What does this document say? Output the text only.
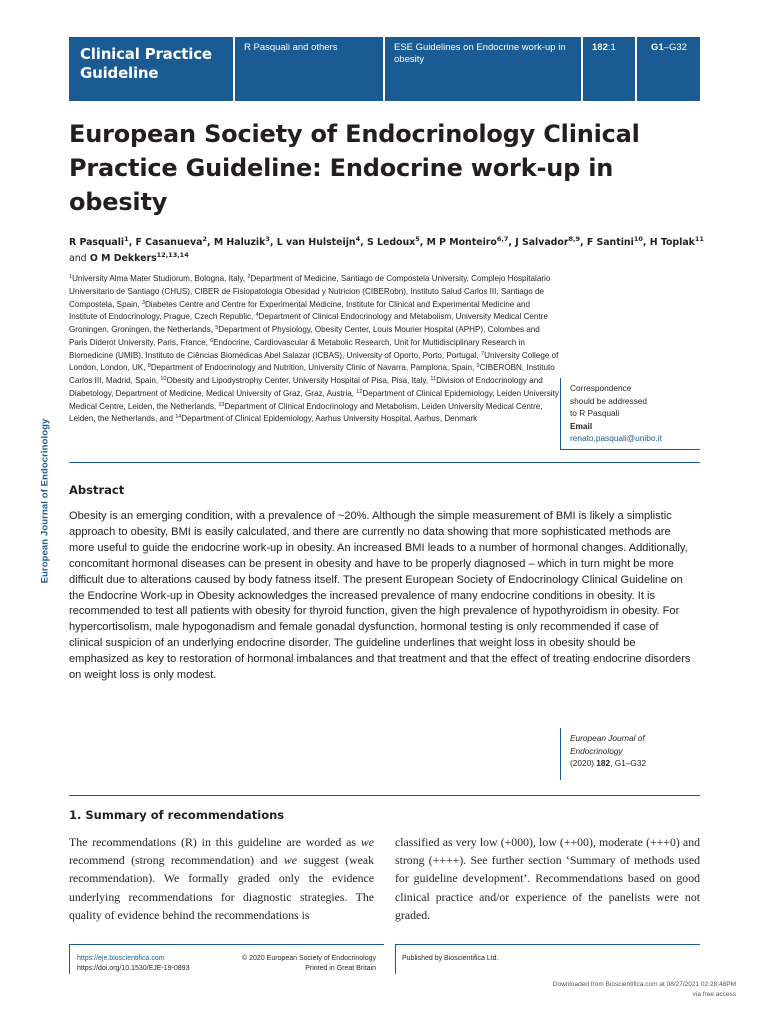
Clinical Practice
Guideline
R Pasquali and others	ESE Guidelines on Endocrine work-up in obesity
182:1	G1–G32
European Journal of Endocrinology
European Society of Endocrinology Clinical Practice Guideline: Endocrine work-up in obesity
R Pasquali$^1$, F Casanueva$^2$, M Haluzik$^3$, L van Hulsteijn$^4$, S Ledoux$^5$, M P Monteiro$^{6,7}$, J Salvador$^{8,9}$, F Santini$^{10}$, H Toplak$^{11}$ and O M Dekkers$^{12,13,14}$
$^1$University Alma Mater Studiorum, Bologna, Italy, $^2$Department of Medicine, Santiago de Compostela University, Complejo Hospitalario Universitario de Santiago (CHUS), CIBER de Fisiopatologia Obesidad y Nutricion (CIBERobn), Instituto Salud Carlos III, Santiago de Compostela, Spain, $^3$Diabetes Centre and Centre for Experimental Medicine, Institute for Clinical and Experimental Medicine and Institute of Endocrinology, Prague, Czech Republic, $^4$Department of Clinical Endocrinology and Metabolism, University Medical Centre Groningen, Groningen, the Netherlands, $^5$Department of Physiology, Obesity Center, Louis Mourier Hospital (APHP), Colombes and Paris Diderot University, Paris, France, $^6$Endocrine, Cardiovascular & Metabolic Research, Unit for Multidisciplinary Research in Biomedicine (UMIB), Instituto de Ciências Biomédicas Abel Salazar (ICBAS), University of Oporto, Porto, Portugal, $^7$University College of London, London, UK, $^8$Department of Endocrinology and Nutrition, University Clinic of Navarra, Pamplona, Spain, $^9$CIBEROBN, Instituto Carlos III, Madrid, Spain, $^{10}$Obesity and Lipodystrophy Center, University Hospital of Pisa, Pisa, Italy, $^{11}$Division of Endocrinology and Diabetology, Department of Medicine, Medical University of Graz, Graz, Austria, $^{12}$Department of Clinical Epidemiology, Leiden University Medical Centre, Leiden, the Netherlands, $^{13}$Department of Clinical Endocrinology and Metabolism, Leiden University Medical Centre, Leiden, the Netherlands, and $^{14}$Department of Clinical Epidemiology, Aarhus University Hospital, Aarhus, Denmark
Correspondence
should be addressed
to R Pasquali
Email
renato.pasquali@unibo.it
Abstract

Obesity is an emerging condition, with a prevalence of ~20%. Although the simple measurement of BMI is likely a simplistic approach to obesity, BMI is easily calculated, and there are currently no data showing that more sophisticated methods are more useful to guide the endocrine work-up in obesity. An increased BMI leads to a number of hormonal changes. Additionally, concomitant hormonal diseases can be present in obesity and have to be properly diagnosed – which in turn might be more difficult due to alterations caused by body fatness itself. The present European Society of Endocrinology Clinical Guideline on the Endocrine Work-up in Obesity acknowledges the increased prevalence of many endocrine conditions in obesity. It is recommended to test all patients with obesity for thyroid function, given the high prevalence of hypothyroidism in obesity. For hypercortisolism, male hypogonadism and female gonadal dysfunction, hormonal testing is only recommended if case of clinical suspicion of an underlying endocrine disorder. The guideline underlines that weight loss in obesity should be emphasized as key to restoration of hormonal imbalances and that treatment and that the effect of treating endocrine disorders on weight loss is only modest.

European Journal of
Endocrinology
(2020) 182, G1–G32
1. Summary of recommendations

The recommendations (R) in this guideline are worded as we recommend (strong recommendation) and we suggest (weak recommendation). We formally graded only the evidence underlying recommendations for diagnostic strategies. The quality of evidence behind the recommendations is

classified as very low (+000), low (++00), moderate (+++0) and strong (++++). See further section ‘Summary of methods used for guideline development’. Recommendations based on good clinical practice and/or experience of the panelists were not graded.

https://eje.bioscientifica.com
https://doi.org/10.1530/EJE-19-0893
© 2020 European Society of Endocrinology
Printed in Great Britain
Published by Bioscientifica Ltd.
Downloaded from Bioscientifica.com at 08/27/2021 02:28:48PM
via free access
